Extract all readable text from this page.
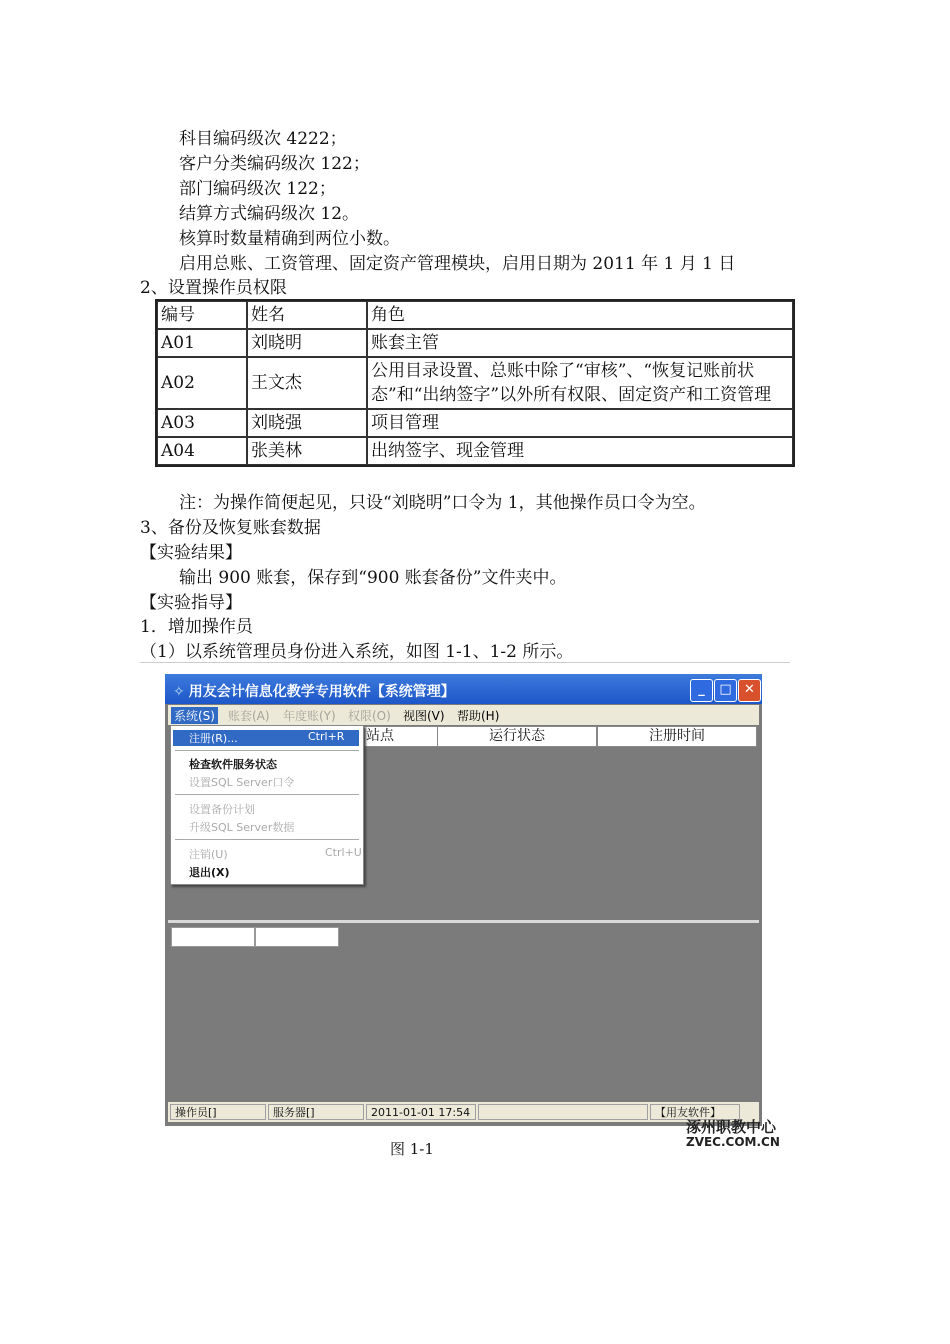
科目编码级次 4222；
客户分类编码级次 122；
部门编码级次 122；
结算方式编码级次 12。
核算时数量精确到两位小数。
启用总账、工资管理、固定资产管理模块，启用日期为 2011 年 1 月 1 日
2、设置操作员权限
编号	姓名	角色
A01	刘晓明	账套主管
A02	王文杰	公用目录设置、总账中除了“审核”、“恢复记账前状态”和“出纳签字”以外所有权限、固定资产和工资管理
A03	刘晓强	项目管理
A04	张美林	出纳签字、现金管理
注：为操作简便起见，只设“刘晓明”口令为 1，其他操作员口令为空。
3、备份及恢复账套数据
【实验结果】
输出 900 账套，保存到“900 账套备份”文件夹中。
【实验指导】
1．增加操作员
（1）以系统管理员身份进入系统，如图 1-1、1-2 所示。
✧ 用友会计信息化教学专用软件【系统管理】	_	□ ✕
系统(S) 账套(A) 年度账(Y) 权限(O) 视图(V) 帮助(H)
站点	运行状态	注册时间
注册(R)...	Ctrl+R
检查软件服务状态
设置SQL Server口令
设置备份计划
升级SQL Server数据
注销(U)	Ctrl+U
退出(X)
操作员[]	服务器[]	2011-01-01 17:54	【用友软件】
涿州职教中心
ZVEC.COM.CN
图 1-1
